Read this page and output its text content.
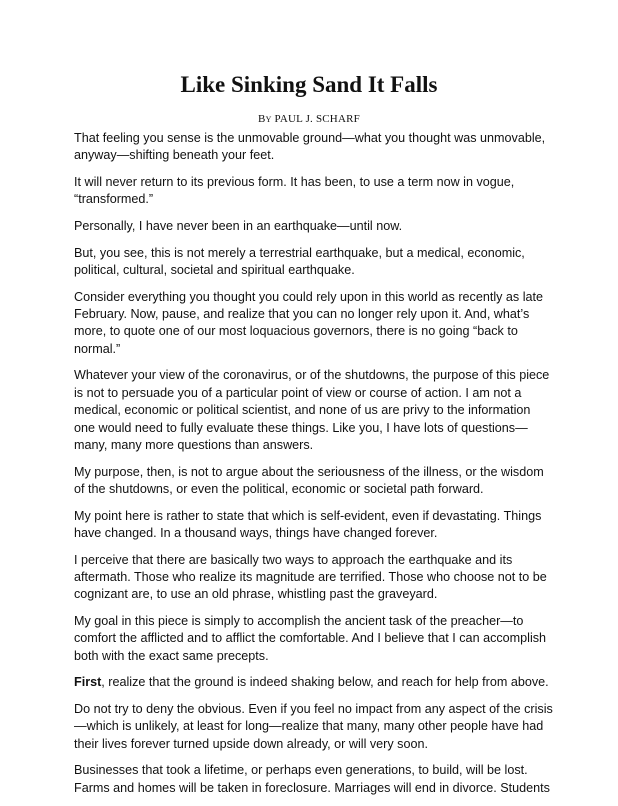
Like Sinking Sand It Falls
By PAUL J. SCHARF

That feeling you sense is the unmovable ground—what you thought was unmovable, anyway—shifting beneath your feet.

It will never return to its previous form. It has been, to use a term now in vogue, “transformed.”

Personally, I have never been in an earthquake—until now.

But, you see, this is not merely a terrestrial earthquake, but a medical, economic, political, cultural, societal and spiritual earthquake.

Consider everything you thought you could rely upon in this world as recently as late February. Now, pause, and realize that you can no longer rely upon it. And, what’s more, to quote one of our most loquacious governors, there is no going “back to normal.”

Whatever your view of the coronavirus, or of the shutdowns, the purpose of this piece is not to persuade you of a particular point of view or course of action. I am not a medical, economic or political scientist, and none of us are privy to the information one would need to fully evaluate these things. Like you, I have lots of questions—many, many more questions than answers.

My purpose, then, is not to argue about the seriousness of the illness, or the wisdom of the shutdowns, or even the political, economic or societal path forward.

My point here is rather to state that which is self-evident, even if devastating. Things have changed. In a thousand ways, things have changed forever.

I perceive that there are basically two ways to approach the earthquake and its aftermath. Those who realize its magnitude are terrified. Those who choose not to be cognizant are, to use an old phrase, whistling past the graveyard.

My goal in this piece is simply to accomplish the ancient task of the preacher—to comfort the afflicted and to afflict the comfortable. And I believe that I can accomplish both with the exact same precepts.

First, realize that the ground is indeed shaking below, and reach for help from above.

Do not try to deny the obvious. Even if you feel no impact from any aspect of the crisis—which is unlikely, at least for long—realize that many, many other people have had their lives forever turned upside down already, or will very soon.

Businesses that took a lifetime, or perhaps even generations, to build, will be lost. Farms and homes will be taken in foreclosure. Marriages will end in divorce. Students
